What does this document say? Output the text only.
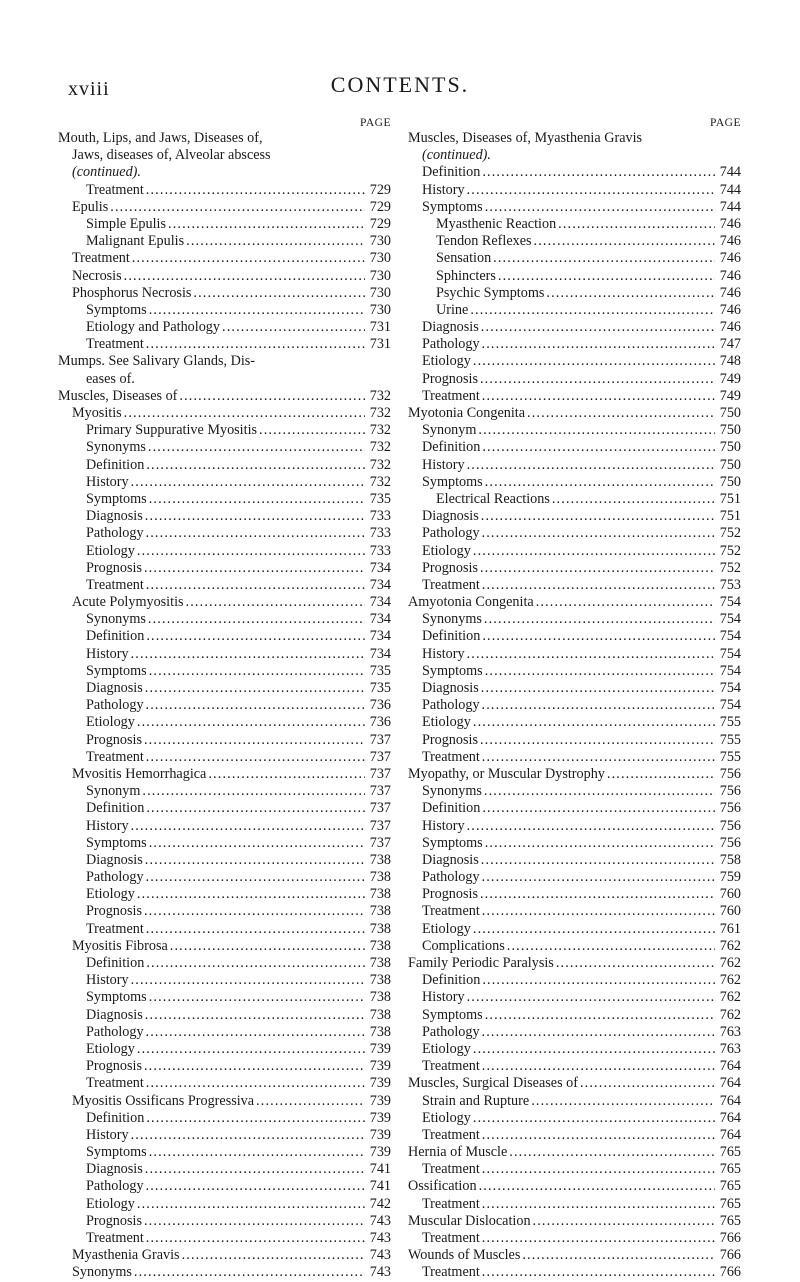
xviii	CONTENTS.
PAGE
Mouth, Lips, and Jaws, Diseases of,
Jaws, diseases of, Alveolar abscess
(continued).
Treatment . . .	729
Epulis . . .	729
Simple Epulis . . .	729
Malignant Epulis . . .	730
Treatment . . .	730
Necrosis . . .	730
Phosphorus Necrosis . . .	730
Symptoms . . .	730
Etiology and Pathology . . .	731
Treatment . . .	731
Mumps. See Salivary Glands, Dis-
eases of.
Muscles, Diseases of . . .	732
Myositis . . .	732
Primary Suppurative Myositis . . .	732
Synonyms . . .	732
Definition . . .	732
History . . .	732
Symptoms . . .	735
Diagnosis . . .	733
Pathology . . .	733
Etiology . . .	733
Prognosis . . .	734
Treatment . . .	734
Acute Polymyositis . . .	734
Synonyms . . .	734
Definition . . .	734
History . . .	734
Symptoms . . .	735
Diagnosis . . .	735
Pathology . . .	736
Etiology . . .	736
Prognosis . . .	737
Treatment . . .	737
Mvositis Hemorrhagica . . .	737
Synonym . . .	737
Definition . . .	737
History . . .	737
Symptoms . . .	737
Diagnosis . . .	738
Pathology . . .	738
Etiology . . .	738
Prognosis . . .	738
Treatment . . .	738
Myositis Fibrosa . . .	738
Definition . . .	738
History . . .	738
Symptoms . . .	738
Diagnosis . . .	738
Pathology . . .	738
Etiology . . .	739
Prognosis . . .	739
Treatment . . .	739
Myositis Ossificans Progressiva . . .	739
Definition . . .	739
History . . .	739
Symptoms . . .	739
Diagnosis . . .	741
Pathology . . .	741
Etiology . . .	742
Prognosis . . .	743
Treatment . . .	743
Myasthenia Gravis . . .	743
Synonyms . . .	743
PAGE
Muscles, Diseases of, Myasthenia Gravis
(continued).
Definition . . .	744
History . . .	744
Symptoms . . .	744
Myasthenic Reaction . . .	746
Tendon Reflexes . . .	746
Sensation . . .	746
Sphincters . . .	746
Psychic Symptoms . . .	746
Urine . . .	746
Diagnosis . . .	746
Pathology . . .	747
Etiology . . .	748
Prognosis . . .	749
Treatment . . .	749
Myotonia Congenita . . .	750
Synonym . . .	750
Definition . . .	750
History . . .	750
Symptoms . . .	750
Electrical Reactions . . .	751
Diagnosis . . .	751
Pathology . . .	752
Etiology . . .	752
Prognosis . . .	752
Treatment . . .	753
Amyotonia Congenita . . .	754
Synonyms . . .	754
Definition . . .	754
History . . .	754
Symptoms . . .	754
Diagnosis . . .	754
Pathology . . .	754
Etiology . . .	755
Prognosis . . .	755
Treatment . . .	755
Myopathy, or Muscular Dystrophy . . .	756
Synonyms . . .	756
Definition . . .	756
History . . .	756
Symptoms . . .	756
Diagnosis . . .	758
Pathology . . .	759
Prognosis . . .	760
Treatment . . .	760
Etiology . . .	761
Complications . . .	762
Family Periodic Paralysis . . .	762
Definition . . .	762
History . . .	762
Symptoms . . .	762
Pathology . . .	763
Etiology . . .	763
Treatment . . .	764
Muscles, Surgical Diseases of . . .	764
Strain and Rupture . . .	764
Etiology . . .	764
Treatment . . .	764
Hernia of Muscle . . .	765
Treatment . . .	765
Ossification . . .	765
Treatment . . .	765
Muscular Dislocation . . .	765
Treatment . . .	766
Wounds of Muscles . . .	766
Treatment . . .	766
